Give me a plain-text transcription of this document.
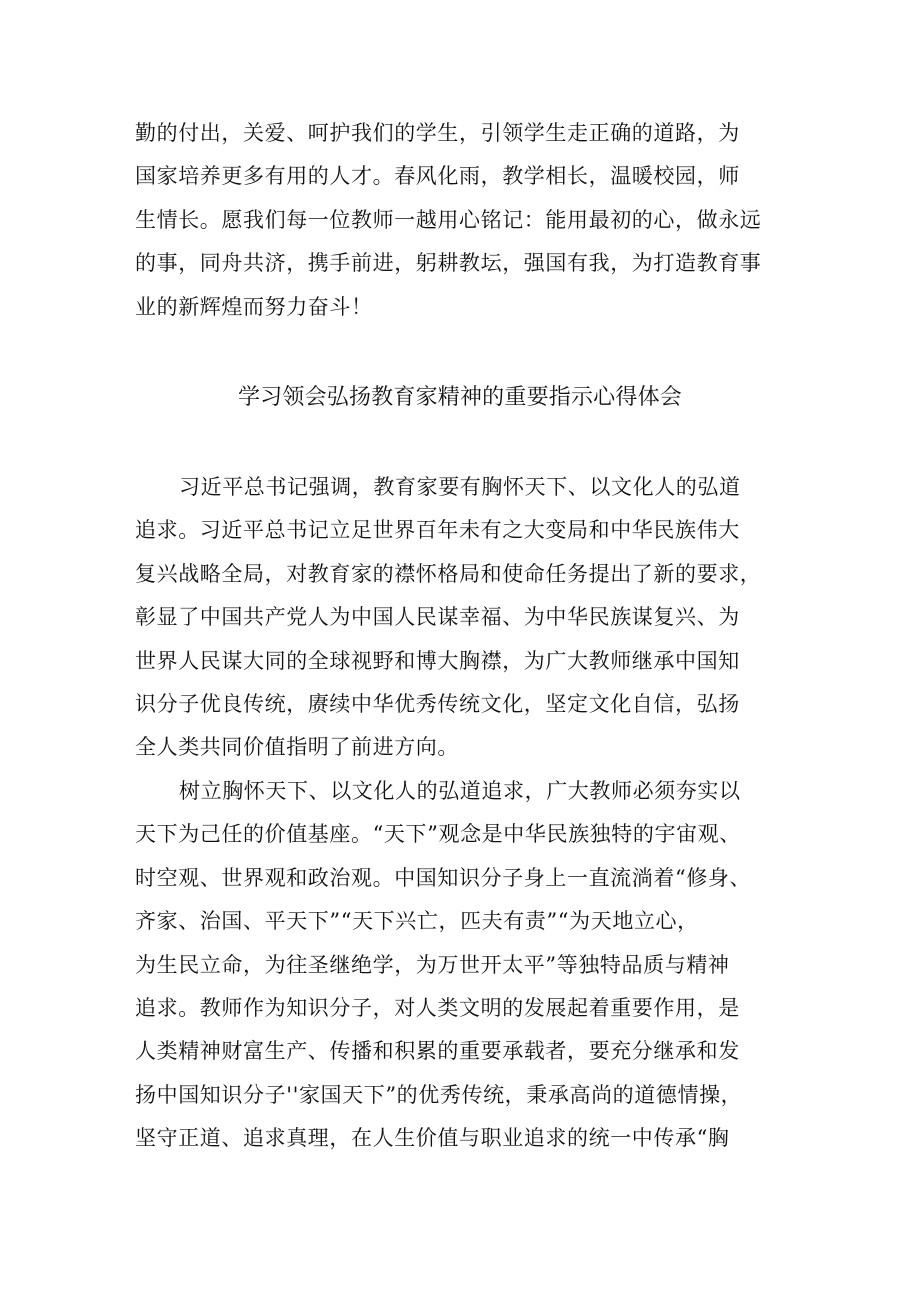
勤的付出，关爱、呵护我们的学生，引领学生走正确的道路，为
国家培养更多有用的人才。春风化雨，教学相长，温暖校园，师
生情长。愿我们每一位教师一越用心铭记：能用最初的心，做永远
的事，同舟共济，携手前进，躬耕教坛，强国有我，为打造教育事
业的新辉煌而努力奋斗！
学习领会弘扬教育家精神的重要指示心得体会
习近平总书记强调，教育家要有胸怀天下、以文化人的弘道
追求。习近平总书记立足世界百年未有之大变局和中华民族伟大
复兴战略全局，对教育家的襟怀格局和使命任务提出了新的要求，
彰显了中国共产党人为中国人民谋幸福、为中华民族谋复兴、为
世界人民谋大同的全球视野和博大胸襟，为广大教师继承中国知
识分子优良传统，赓续中华优秀传统文化，坚定文化自信，弘扬
全人类共同价值指明了前进方向。
树立胸怀天下、以文化人的弘道追求，广大教师必须夯实以
天下为己任的价值基座。“天下”观念是中华民族独特的宇宙观、
时空观、世界观和政治观。中国知识分子身上一直流淌着“修身、
齐家、治国、平天下”“天下兴亡，匹夫有责”“为天地立心，
为生民立命，为往圣继绝学，为万世开太平”等独特品质与精神
追求。教师作为知识分子，对人类文明的发展起着重要作用，是
人类精神财富生产、传播和积累的重要承载者，要充分继承和发
扬中国知识分子''家国天下”的优秀传统，秉承高尚的道德情操，
坚守正道、追求真理，在人生价值与职业追求的统一中传承“胸
